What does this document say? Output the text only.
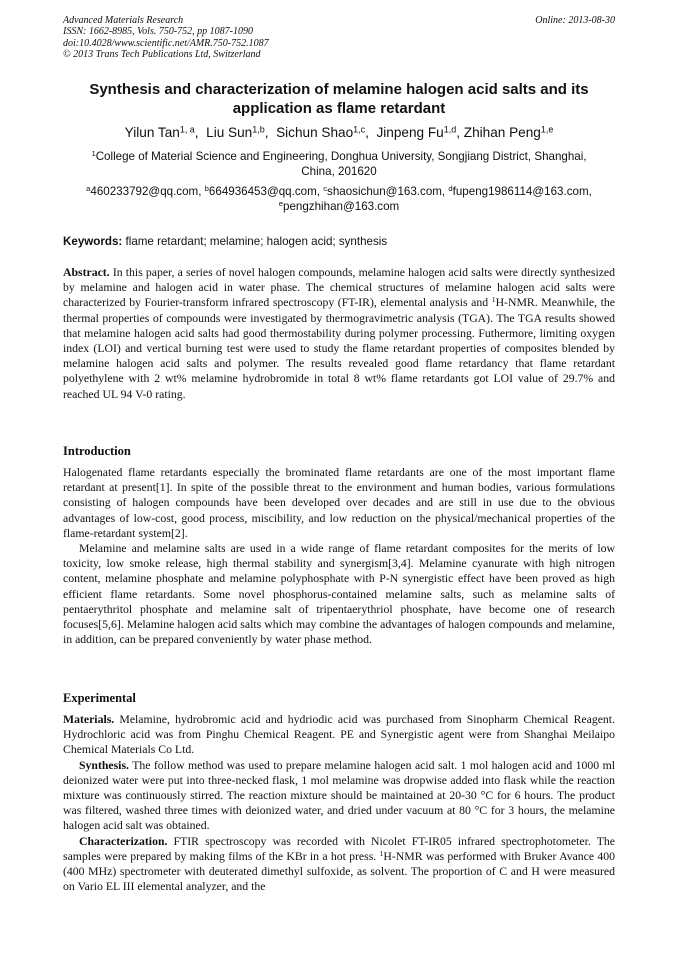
Advanced Materials Research
ISSN: 1662-8985, Vols. 750-752, pp 1087-1090
doi:10.4028/www.scientific.net/AMR.750-752.1087
© 2013 Trans Tech Publications Ltd, Switzerland
Online: 2013-08-30
Synthesis and characterization of melamine halogen acid salts and its
application as flame retardant
Yilun Tan$^{1, a}$,  Liu Sun$^{1,b}$,  Sichun Shao$^{1,c}$,  Jinpeng Fu$^{1,d}$, Zhihan Peng$^{1,e}$
$^1$College of Material Science and Engineering, Donghua University, Songjiang District, Shanghai,
China, 201620
$^a$460233792@qq.com, $^b$664936453@qq.com, $^c$shaosichun@163.com, $^d$fupeng1986114@163.com,
$^e$pengzhihan@163.com
Keywords: flame retardant; melamine; halogen acid; synthesis

Abstract. In this paper, a series of novel halogen compounds, melamine halogen acid salts were directly synthesized by melamine and halogen acid in water phase. The chemical structures of melamine halogen acid salts were characterized by Fourier-transform infrared spectroscopy (FT-IR), elemental analysis and $^1$H-NMR. Meanwhile, the thermal properties of compounds were investigated by thermogravimetric analysis (TGA). The TGA results showed that melamine halogen acid salts had good thermostability during polymer processing. Futhermore, limiting oxygen index (LOI) and vertical burning test were used to study the flame retardant properties of composites blended by melamine halogen acid salts and polymer. The results revealed good flame retardancy that flame retardant polyethylene with 2 wt% melamine hydrobromide in total 8 wt% flame retardants got LOI value of 29.7% and reached UL 94 V-0 rating.

Introduction

Halogenated flame retardants especially the brominated flame retardants are one of the most important flame retardant at present[1]. In spite of the possible threat to the environment and human bodies, various formulations consisting of halogen compounds have been developed over decades and are still in use due to the obvious advantages of low-cost, good process, miscibility, and low reduction on the physical/mechanical properties of the flame-retardant system[2].

Melamine and melamine salts are used in a wide range of flame retardant composites for the merits of low toxicity, low smoke release, high thermal stability and synergism[3,4]. Melamine cyanurate with high nitrogen content, melamine phosphate and melamine polyphosphate with P-N synergistic effect have been proved as high efficient flame retardants. Some novel phosphorus-contained melamine salts, such as melamine salts of pentaerythritol phosphate and melamine salt of tripentaerythriol phosphate, have become one of research focuses[5,6]. Melamine halogen acid salts which may combine the advantages of halogen compounds and melamine, in addition, can be prepared conveniently by water phase method.

Experimental

Materials. Melamine, hydrobromic acid and hydriodic acid was purchased from Sinopharm Chemical Reagent. Hydrochloric acid was from Pinghu Chemical Reagent. PE and Synergistic agent were from Shanghai Meilaipo Chemical Materials Co Ltd.

Synthesis. The follow method was used to prepare melamine halogen acid salt. 1 mol halogen acid and 1000 ml deionized water were put into three-necked flask, 1 mol melamine was dropwise added into flask while the reaction mixture was continuously stirred. The reaction mixture should be maintained at 20-30 °C for 6 hours. The product was filtered, washed three times with deionized water, and dried under vacuum at 80 °C for 3 hours, the melamine halogen acid salt was obtained.

Characterization. FTIR spectroscopy was recorded with Nicolet FT-IR05 infrared spectrophotometer. The samples were prepared by making films of the KBr in a hot press. $^1$H-NMR was performed with Bruker Avance 400 (400 MHz) spectrometer with deuterated dimethyl sulfoxide, as solvent. The proportion of C and H were measured on Vario EL III elemental analyzer, and the
